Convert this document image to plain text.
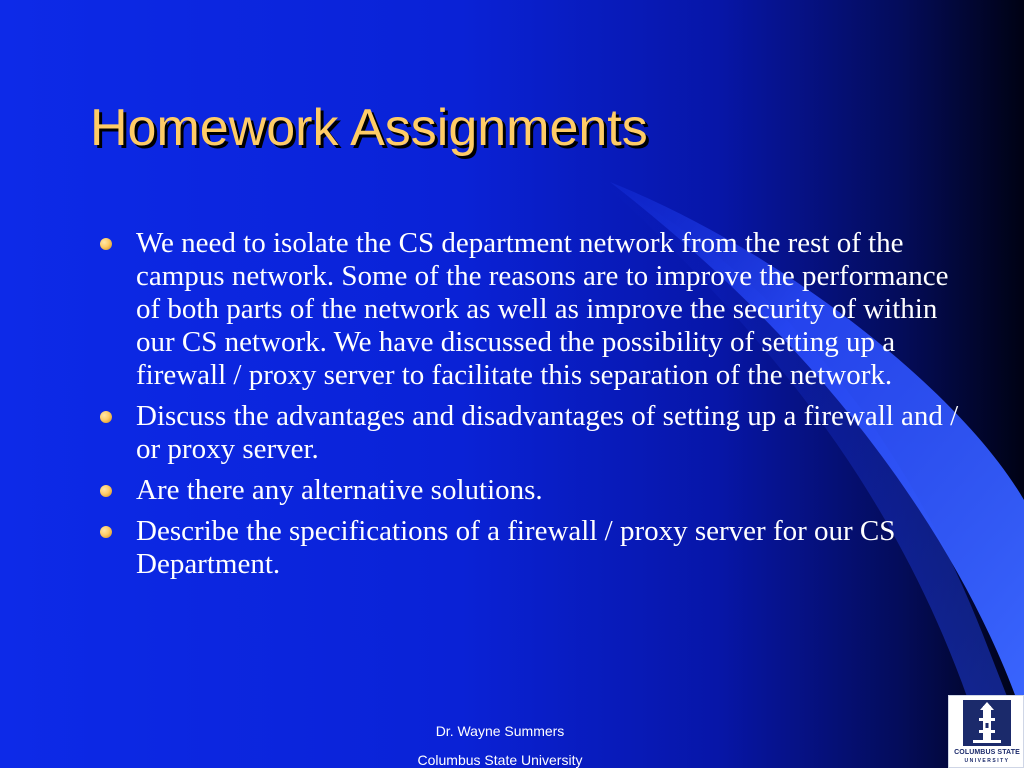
Homework Assignments
We need to isolate the CS department network from the rest of the campus network. Some of the reasons are to improve the performance of both parts of the network as well as improve the security of within our CS network. We have discussed the possibility of setting up a firewall / proxy server to facilitate this separation of the network.
Discuss the advantages and disadvantages of setting up a firewall and / or proxy server.
Are there any alternative solutions.
Describe the specifications of a firewall / proxy server for our CS Department.
Dr. Wayne Summers
Columbus State University	COLUMBUS STATE
UNIVERSITY
